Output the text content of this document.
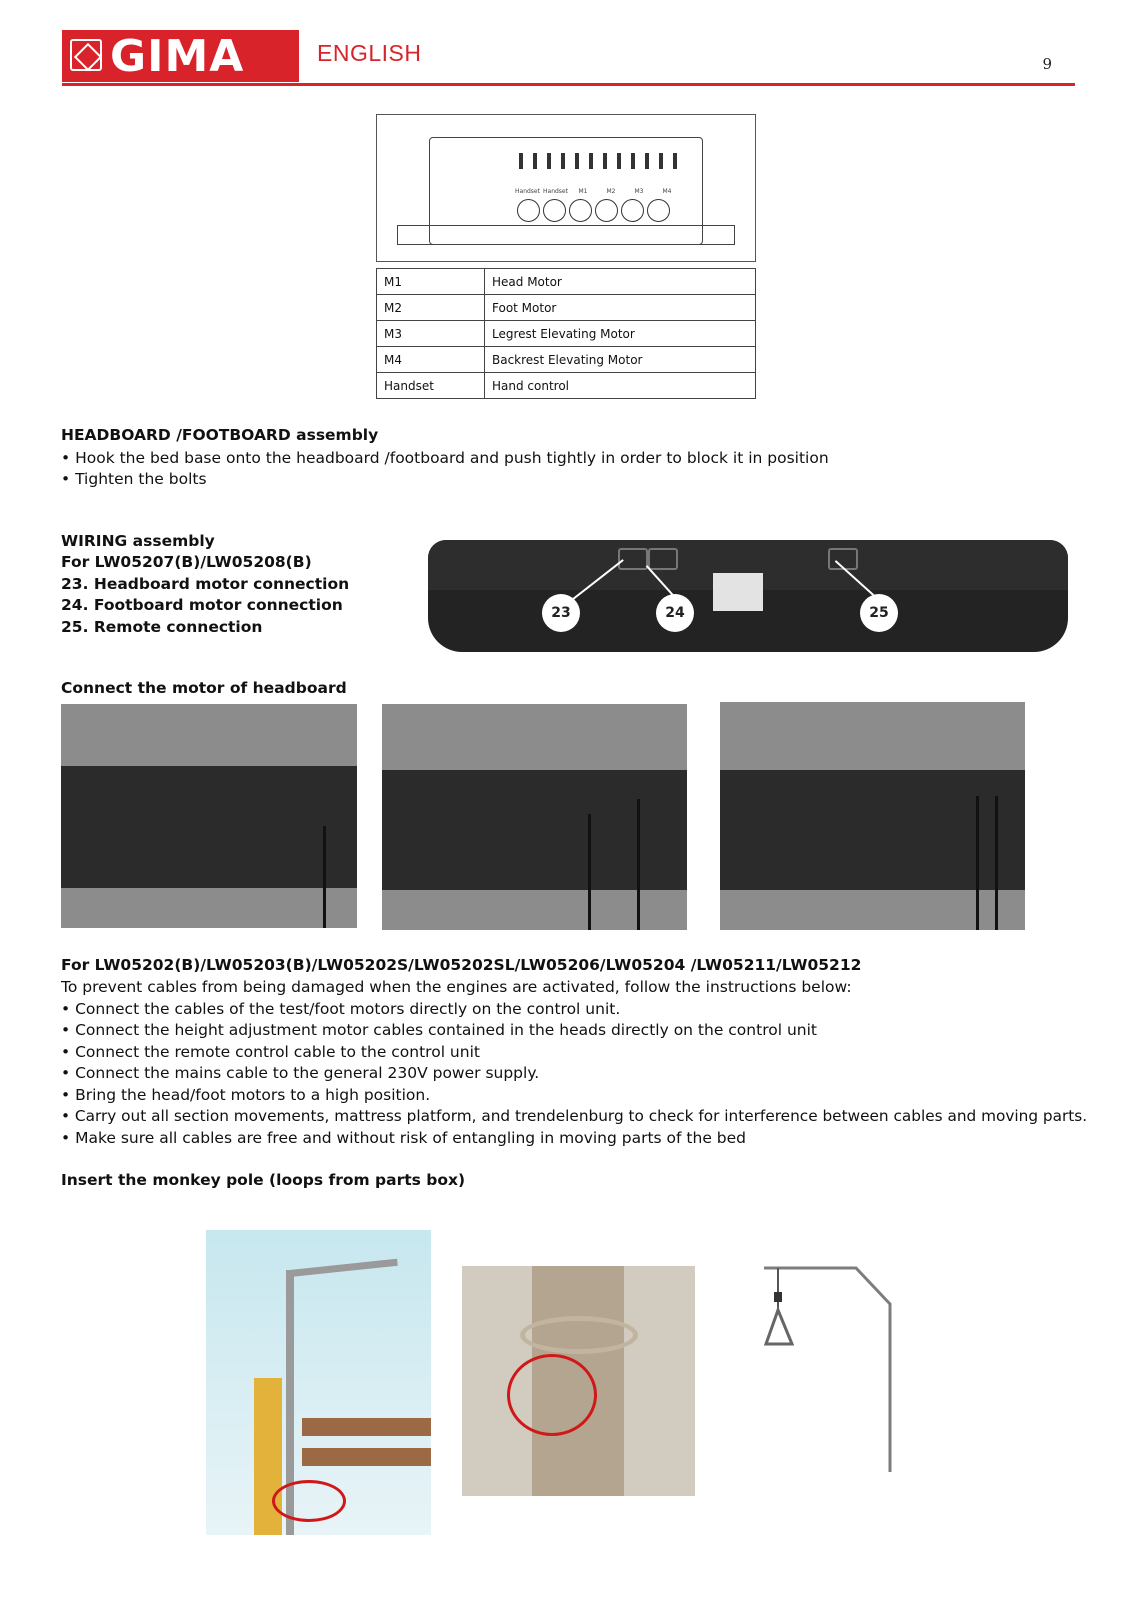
GIMA	ENGLISH	9
Handset Handset	M1	M2	M3	M4
M1	Head Motor
M2	Foot Motor
M3	Legrest Elevating Motor
M4	Backrest Elevating Motor
Handset	Hand control
HEADBOARD /FOOTBOARD assembly
• Hook the bed base onto the headboard /footboard and push tightly in order to block it in position
• Tighten the bolts
WIRING assembly
For LW05207(B)/LW05208(B)
23. Headboard motor connection
24. Footboard motor connection
25. Remote connection
23	24	25
Connect the motor of headboard
For LW05202(B)/LW05203(B)/LW05202S/LW05202SL/LW05206/LW05204 /LW05211/LW05212
To prevent cables from being damaged when the engines are activated, follow the instructions below:
• Connect the cables of the test/foot motors directly on the control unit.
• Connect the height adjustment motor cables contained in the heads directly on the control unit
• Connect the remote control cable to the control unit
• Connect the mains cable to the general 230V power supply.
• Bring the head/foot motors to a high position.
• Carry out all section movements, mattress platform, and trendelenburg to check for interference between cables and moving parts.
• Make sure all cables are free and without risk of entangling in moving parts of the bed
Insert the monkey pole (loops from parts box)
